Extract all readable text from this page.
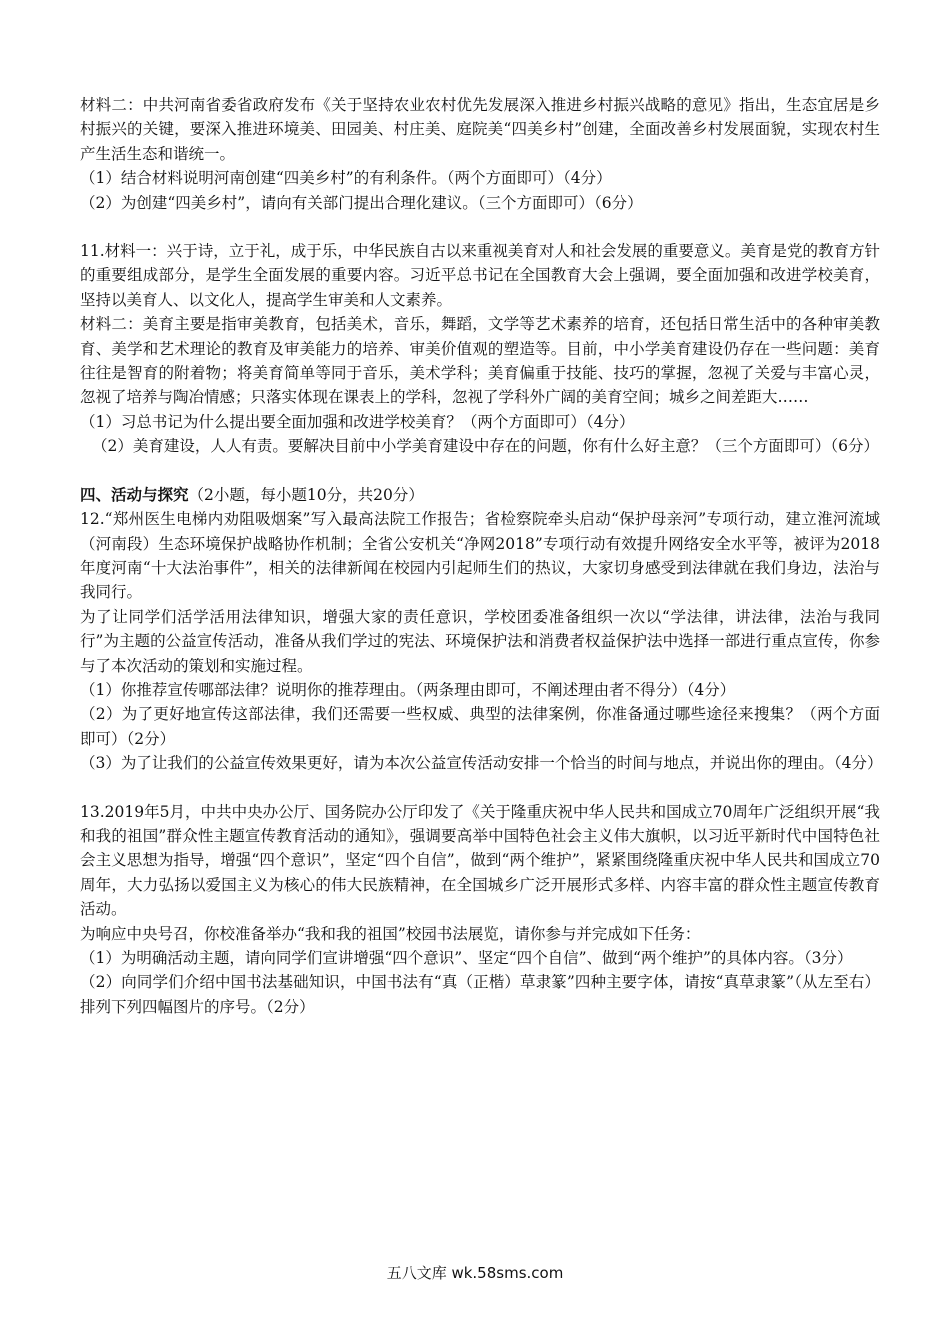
材料二：中共河南省委省政府发布《关于坚持农业农村优先发展深入推进乡村振兴战略的意见》指出，生态宜居是乡村振兴的关键，要深入推进环境美、田园美、村庄美、庭院美“四美乡村”创建，全面改善乡村发展面貌，实现农村生产生活生态和谐统一。

（1）结合材料说明河南创建“四美乡村”的有利条件。（两个方面即可）（4分）

（2）为创建“四美乡村”，请向有关部门提出合理化建议。（三个方面即可）（6分）

11.材料一：兴于诗，立于礼，成于乐，中华民族自古以来重视美育对人和社会发展的重要意义。美育是党的教育方针的重要组成部分，是学生全面发展的重要内容。习近平总书记在全国教育大会上强调，要全面加强和改进学校美育，坚持以美育人、以文化人，提高学生审美和人文素养。

材料二：美育主要是指审美教育，包括美术，音乐，舞蹈，文学等艺术素养的培育，还包括日常生活中的各种审美教育、美学和艺术理论的教育及审美能力的培养、审美价值观的塑造等。目前，中小学美育建设仍存在一些问题：美育往往是智育的附着物；将美育简单等同于音乐，美术学科；美育偏重于技能、技巧的掌握，忽视了关爱与丰富心灵，忽视了培养与陶冶情感；只落实体现在课表上的学科，忽视了学科外广阔的美育空间；城乡之间差距大……

（1）习总书记为什么提出要全面加强和改进学校美育？（两个方面即可）（4分）

（2）美育建设，人人有责。要解决目前中小学美育建设中存在的问题，你有什么好主意？（三个方面即可）（6分）

四、活动与探究（2小题，每小题10分，共20分）

12.“郑州医生电梯内劝阻吸烟案”写入最高法院工作报告；省检察院牵头启动“保护母亲河”专项行动，建立淮河流域（河南段）生态环境保护战略协作机制；全省公安机关“净网2018”专项行动有效提升网络安全水平等，被评为2018年度河南“十大法治事件”，相关的法律新闻在校园内引起师生们的热议，大家切身感受到法律就在我们身边，法治与我同行。

为了让同学们活学活用法律知识，增强大家的责任意识，学校团委准备组织一次以“学法律，讲法律，法治与我同行”为主题的公益宣传活动，准备从我们学过的宪法、环境保护法和消费者权益保护法中选择一部进行重点宣传，你参与了本次活动的策划和实施过程。

（1）你推荐宣传哪部法律？说明你的推荐理由。（两条理由即可，不阐述理由者不得分）（4分）

（2）为了更好地宣传这部法律，我们还需要一些权威、典型的法律案例，你准备通过哪些途径来搜集？（两个方面即可）（2分）

（3）为了让我们的公益宣传效果更好，请为本次公益宣传活动安排一个恰当的时间与地点，并说出你的理由。（4分）

13.2019年5月，中共中央办公厅、国务院办公厅印发了《关于隆重庆祝中华人民共和国成立70周年广泛组织开展“我和我的祖国”群众性主题宣传教育活动的通知》，强调要高举中国特色社会主义伟大旗帜，以习近平新时代中国特色社会主义思想为指导，增强“四个意识”，坚定“四个自信”，做到“两个维护”，紧紧围绕隆重庆祝中华人民共和国成立70周年，大力弘扬以爱国主义为核心的伟大民族精神，在全国城乡广泛开展形式多样、内容丰富的群众性主题宣传教育活动。

为响应中央号召，你校准备举办“我和我的祖国”校园书法展览，请你参与并完成如下任务：

（1）为明确活动主题，请向同学们宣讲增强“四个意识”、坚定“四个自信”、做到“两个维护”的具体内容。（3分）

（2）向同学们介绍中国书法基础知识，中国书法有“真（正楷）草隶篆”四种主要字体，请按“真草隶篆”（从左至右）排列下列四幅图片的序号。（2分）

五八文库 wk.58sms.com
